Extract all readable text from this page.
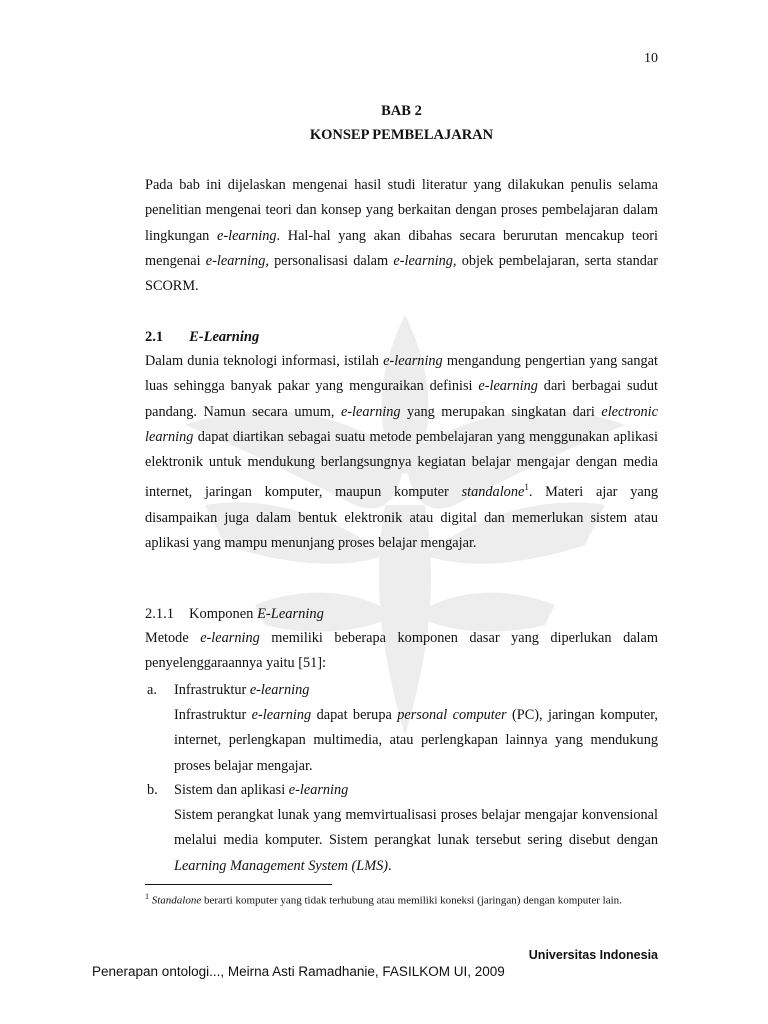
10
BAB 2
KONSEP PEMBELAJARAN

Pada bab ini dijelaskan mengenai hasil studi literatur yang dilakukan penulis selama penelitian mengenai teori dan konsep yang berkaitan dengan proses pembelajaran dalam lingkungan e-learning. Hal-hal yang akan dibahas secara berurutan mencakup teori mengenai e-learning, personalisasi dalam e-learning, objek pembelajaran, serta standar SCORM.

2.1 E-Learning

Dalam dunia teknologi informasi, istilah e-learning mengandung pengertian yang sangat luas sehingga banyak pakar yang menguraikan definisi e-learning dari berbagai sudut pandang. Namun secara umum, e-learning yang merupakan singkatan dari electronic learning dapat diartikan sebagai suatu metode pembelajaran yang menggunakan aplikasi elektronik untuk mendukung berlangsungnya kegiatan belajar mengajar dengan media internet, jaringan komputer, maupun komputer standalone$^1$. Materi ajar yang disampaikan juga dalam bentuk elektronik atau digital dan memerlukan sistem atau aplikasi yang mampu menunjang proses belajar mengajar.

2.1.1 Komponen E-Learning

Metode e-learning memiliki beberapa komponen dasar yang diperlukan dalam penyelenggaraannya yaitu [51]:

a. Infrastruktur e-learning

Infrastruktur e-learning dapat berupa personal computer (PC), jaringan komputer, internet, perlengkapan multimedia, atau perlengkapan lainnya yang mendukung proses belajar mengajar.

b. Sistem dan aplikasi e-learning

Sistem perangkat lunak yang memvirtualisasi proses belajar mengajar konvensional melalui media komputer. Sistem perangkat lunak tersebut sering disebut dengan Learning Management System (LMS).

$^1$ Standalone berarti komputer yang tidak terhubung atau memiliki koneksi (jaringan) dengan komputer lain.
Universitas Indonesia
Penerapan ontologi..., Meirna Asti Ramadhanie, FASILKOM UI, 2009
